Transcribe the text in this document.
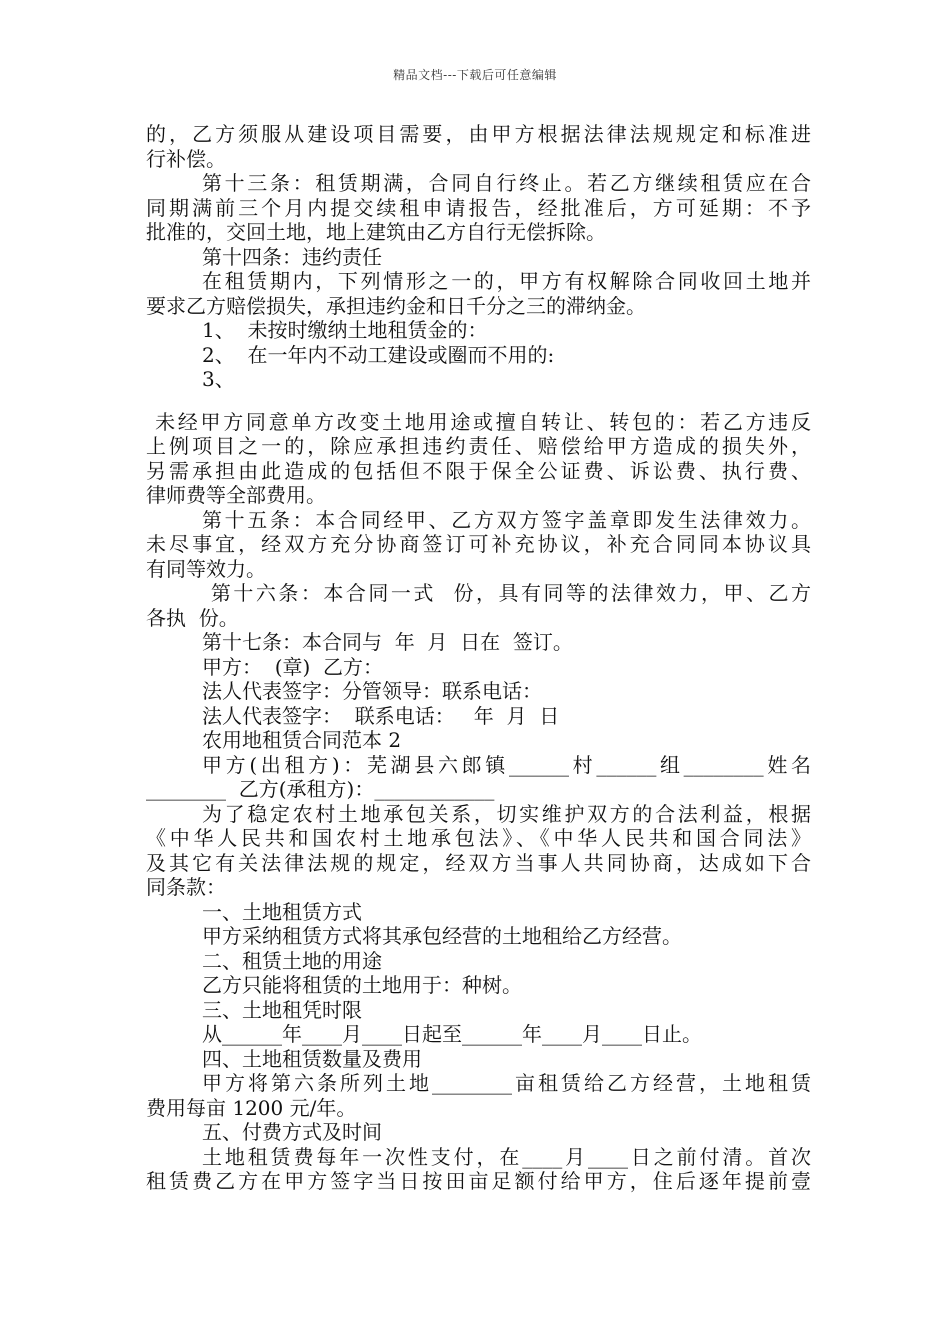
精品文档---下载后可任意编辑
的，乙方须服从建设项目需要，由甲方根据法律法规规定和标准进
行补偿。
第十三条：租赁期满，合同自行终止。若乙方继续租赁应在合
同期满前三个月内提交续租申请报告，经批准后，方可延期：不予
批准的，交回土地，地上建筑由乙方自行无偿拆除。
第十四条：违约责任
在租赁期内，下列情形之一的，甲方有权解除合同收回土地并
要求乙方赔偿损失，承担违约金和日千分之三的滞纳金。
1、  未按时缴纳土地租赁金的：
2、  在一年内不动工建设或圈而不用的:
3、
未经甲方同意单方改变土地用途或擅自转让、转包的：若乙方违反
上例项目之一的，除应承担违约责任、赔偿给甲方造成的损失外，
另需承担由此造成的包括但不限于保全公证费、诉讼费、执行费、
律师费等全部费用。
第十五条：本合同经甲、乙方双方签字盖章即发生法律效力。
未尽事宜，经双方充分协商签订可补充协议，补充合同同本协议具
有同等效力。
第十六条：本合同一式  份，具有同等的法律效力，甲、乙方
各执  份。
第十七条：本合同与  年  月  日在  签订。
甲方：  (章)  乙方：
法人代表签字：分管领导：联系电话：
法人代表签字：  联系电话：   年  月  日
农用地租赁合同范本 2
甲方(出租方)：芜湖县六郎镇______村______组________姓名
________  乙方(承租方)：____________
为了稳定农村土地承包关系，切实维护双方的合法利益，根据
《中华人民共和国农村土地承包法》、《中华人民共和国合同法》
及其它有关法律法规的规定，经双方当事人共同协商，达成如下合
同条款：
一、土地租赁方式
甲方采纳租赁方式将其承包经营的土地租给乙方经营。
二、租赁土地的用途
乙方只能将租赁的土地用于：种树。
三、土地租凭时限
从______年____月____日起至______年____月____日止。
四、土地租赁数量及费用
甲方将第六条所列土地________亩租赁给乙方经营，土地租赁
费用每亩 1200 元/年。
五、付费方式及时间
土地租赁费每年一次性支付，在____月____日之前付清。首次
租赁费乙方在甲方签字当日按田亩足额付给甲方，住后逐年提前壹
